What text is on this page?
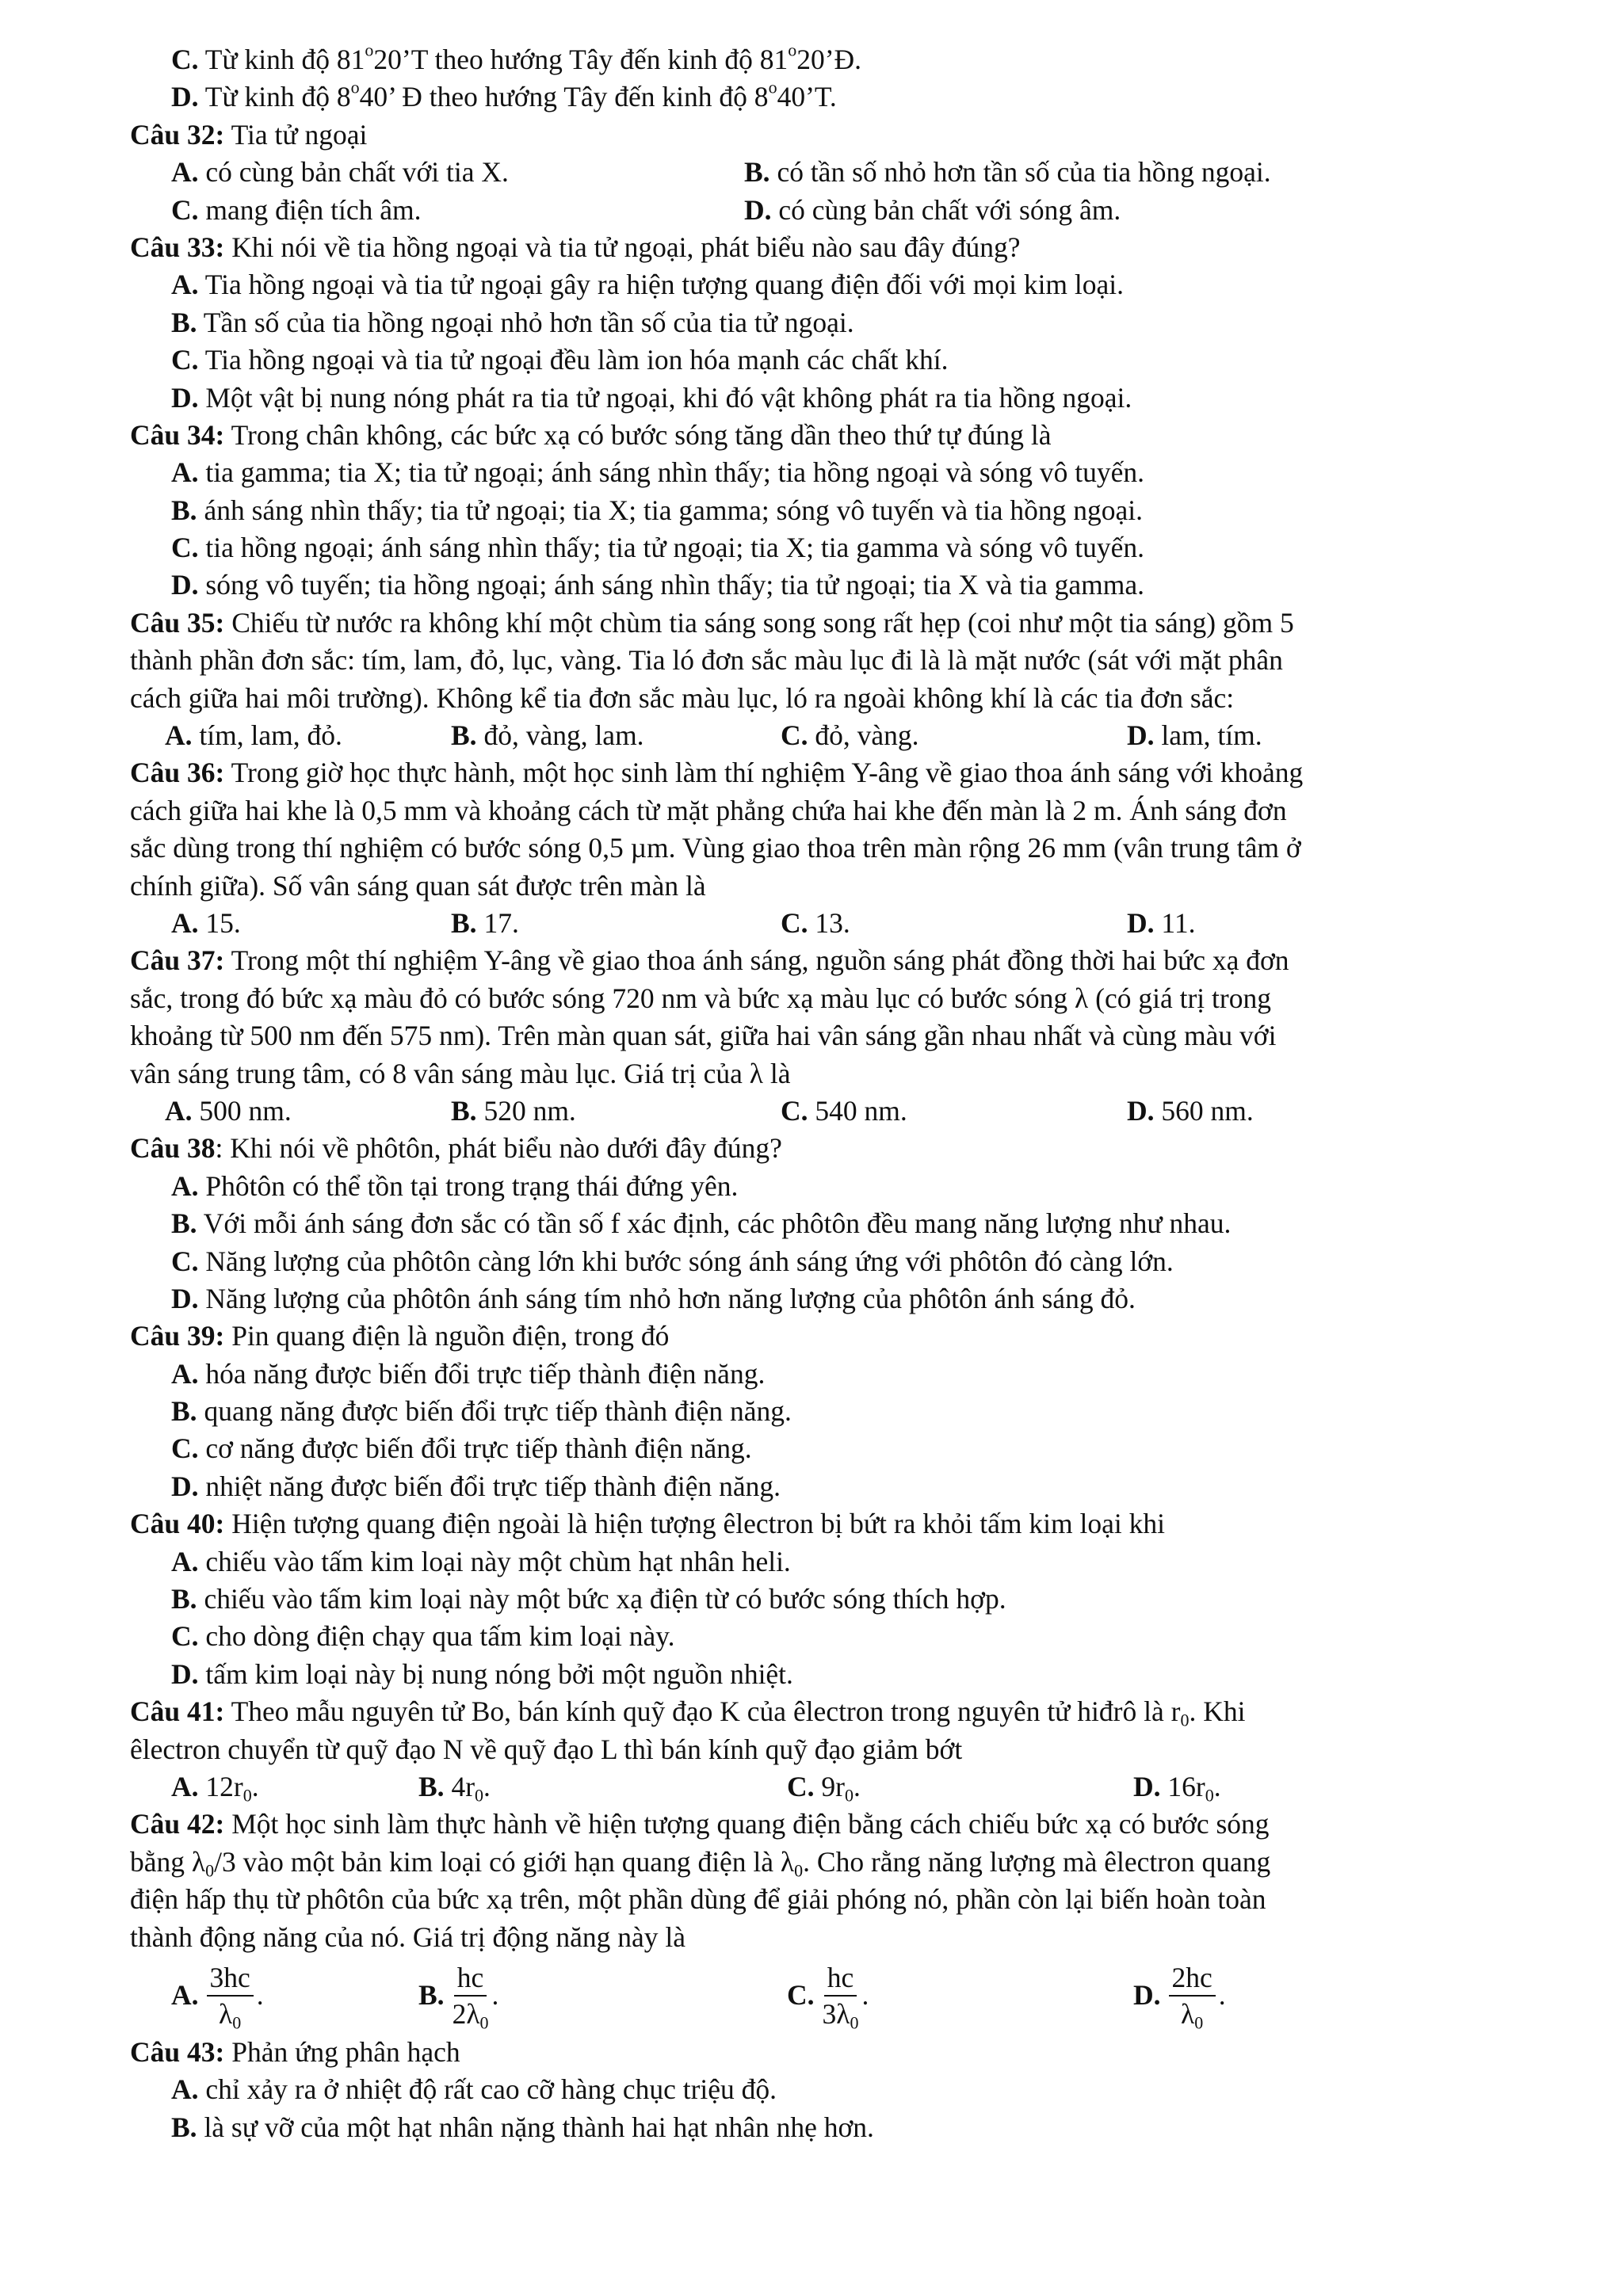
C. Từ kinh độ 81$^o$20’T theo hướng Tây đến kinh độ 81$^o$20’Đ.
D. Từ kinh độ 8$^o$40’ Đ theo hướng Tây đến kinh độ 8$^o$40’T.
Câu 32: Tia tử ngoại
A. có cùng bản chất với tia X.	B. có tần số nhỏ hơn tần số của tia hồng ngoại.
C. mang điện tích âm.	D. có cùng bản chất với sóng âm.
Câu 33: Khi nói về tia hồng ngoại và tia tử ngoại, phát biểu nào sau đây đúng?
A. Tia hồng ngoại và tia tử ngoại gây ra hiện tượng quang điện đối với mọi kim loại.
B. Tần số của tia hồng ngoại nhỏ hơn tần số của tia tử ngoại.
C. Tia hồng ngoại và tia tử ngoại đều làm ion hóa mạnh các chất khí.
D. Một vật bị nung nóng phát ra tia tử ngoại, khi đó vật không phát ra tia hồng ngoại.
Câu 34: Trong chân không, các bức xạ có bước sóng tăng dần theo thứ tự đúng là
A. tia gamma; tia X; tia tử ngoại; ánh sáng nhìn thấy; tia hồng ngoại và sóng vô tuyến.
B. ánh sáng nhìn thấy; tia tử ngoại; tia X; tia gamma; sóng vô tuyến và tia hồng ngoại.
C. tia hồng ngoại; ánh sáng nhìn thấy; tia tử ngoại; tia X; tia gamma và sóng vô tuyến.
D. sóng vô tuyến; tia hồng ngoại; ánh sáng nhìn thấy; tia tử ngoại; tia X và tia gamma.
Câu 35: Chiếu từ nước ra không khí một chùm tia sáng song song rất hẹp (coi như một tia sáng) gồm 5
thành phần đơn sắc: tím, lam, đỏ, lục, vàng. Tia ló đơn sắc màu lục đi là là mặt nước (sát với mặt phân
cách giữa hai môi trường). Không kể tia đơn sắc màu lục, ló ra ngoài không khí là các tia đơn sắc:
A. tím, lam, đỏ.	B. đỏ, vàng, lam.	C. đỏ, vàng.	D. lam, tím.
Câu 36: Trong giờ học thực hành, một học sinh làm thí nghiệm Y-âng về giao thoa ánh sáng với khoảng
cách giữa hai khe là 0,5 mm và khoảng cách từ mặt phẳng chứa hai khe đến màn là 2 m. Ánh sáng đơn
sắc dùng trong thí nghiệm có bước sóng 0,5 µm. Vùng giao thoa trên màn rộng 26 mm (vân trung tâm ở
chính giữa). Số vân sáng quan sát được trên màn là
A. 15.	B. 17.	C. 13.	D. 11.
Câu 37: Trong một thí nghiệm Y-âng về giao thoa ánh sáng, nguồn sáng phát đồng thời hai bức xạ đơn
sắc, trong đó bức xạ màu đỏ có bước sóng 720 nm và bức xạ màu lục có bước sóng λ (có giá trị trong
khoảng từ 500 nm đến 575 nm). Trên màn quan sát, giữa hai vân sáng gần nhau nhất và cùng màu với
vân sáng trung tâm, có 8 vân sáng màu lục. Giá trị của λ là
A. 500 nm.	B. 520 nm.	C. 540 nm.	D. 560 nm.
Câu 38: Khi nói về phôtôn, phát biểu nào dưới đây đúng?
A. Phôtôn có thể tồn tại trong trạng thái đứng yên.
B. Với mỗi ánh sáng đơn sắc có tần số f xác định, các phôtôn đều mang năng lượng như nhau.
C. Năng lượng của phôtôn càng lớn khi bước sóng ánh sáng ứng với phôtôn đó càng lớn.
D. Năng lượng của phôtôn ánh sáng tím nhỏ hơn năng lượng của phôtôn ánh sáng đỏ.
Câu 39: Pin quang điện là nguồn điện, trong đó
A. hóa năng được biến đổi trực tiếp thành điện năng.
B. quang năng được biến đổi trực tiếp thành điện năng.
C. cơ năng được biến đổi trực tiếp thành điện năng.
D. nhiệt năng được biến đổi trực tiếp thành điện năng.
Câu 40: Hiện tượng quang điện ngoài là hiện tượng êlectron bị bứt ra khỏi tấm kim loại khi
A. chiếu vào tấm kim loại này một chùm hạt nhân heli.
B. chiếu vào tấm kim loại này một bức xạ điện từ có bước sóng thích hợp.
C. cho dòng điện chạy qua tấm kim loại này.
D. tấm kim loại này bị nung nóng bởi một nguồn nhiệt.
Câu 41: Theo mẫu nguyên tử Bo, bán kính quỹ đạo K của êlectron trong nguyên tử hiđrô là $r_0$. Khi
êlectron chuyển từ quỹ đạo N về quỹ đạo L thì bán kính quỹ đạo giảm bớt
A. $12r_0$.	B. $4r_0$.	C. $9r_0$.	D. $16r_0$.
Câu 42: Một học sinh làm thực hành về hiện tượng quang điện bằng cách chiếu bức xạ có bước sóng
bằng $\lambda_0/3$ vào một bản kim loại có giới hạn quang điện là $\lambda_0$. Cho rằng năng lượng mà êlectron quang
điện hấp thụ từ phôtôn của bức xạ trên, một phần dùng để giải phóng nó, phần còn lại biến hoàn toàn
thành động năng của nó. Giá trị động năng này là
A. $\frac{3hc}{\lambda_0}$ .	B. $\frac{hc}{2\lambda_0}$ .	C. $\frac{hc}{3\lambda_0}$ .	D. $\frac{2hc}{\lambda_0}$ .
Câu 43: Phản ứng phân hạch
A. chỉ xảy ra ở nhiệt độ rất cao cỡ hàng chục triệu độ.
B. là sự vỡ của một hạt nhân nặng thành hai hạt nhân nhẹ hơn.
